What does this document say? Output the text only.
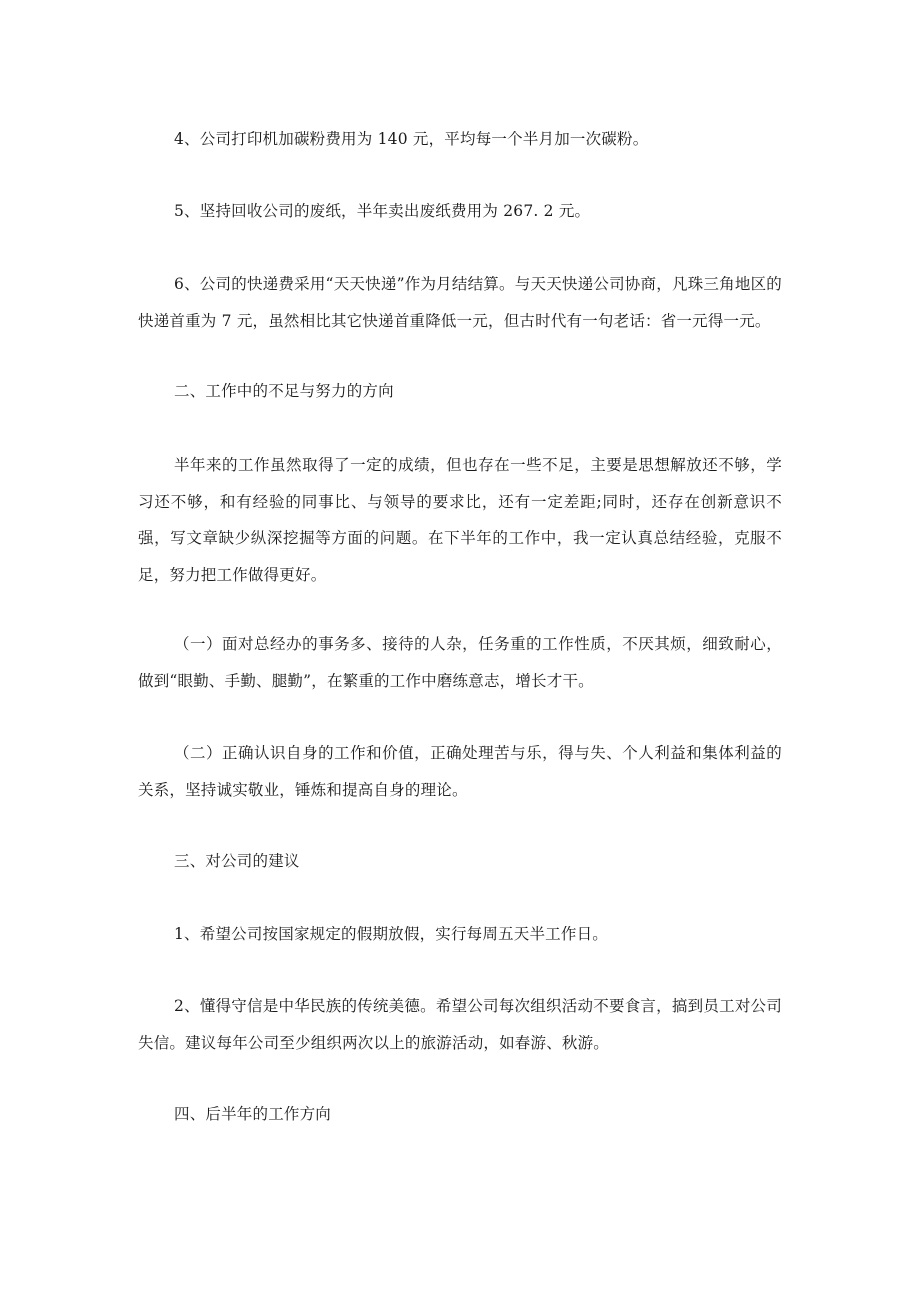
4、公司打印机加碳粉费用为 140 元，平均每一个半月加一次碳粉。

5、坚持回收公司的废纸，半年卖出废纸费用为 267. 2 元。

6、公司的快递费采用“天天快递”作为月结结算。与天天快递公司协商，凡珠三角地区的快递首重为 7 元，虽然相比其它快递首重降低一元，但古时代有一句老话：省一元得一元。

二、工作中的不足与努力的方向

半年来的工作虽然取得了一定的成绩，但也存在一些不足，主要是思想解放还不够，学习还不够，和有经验的同事比、与领导的要求比，还有一定差距;同时，还存在创新意识不强，写文章缺少纵深挖掘等方面的问题。在下半年的工作中，我一定认真总结经验，克服不足，努力把工作做得更好。

（一）面对总经办的事务多、接待的人杂，任务重的工作性质，不厌其烦，细致耐心，做到“眼勤、手勤、腿勤”，在繁重的工作中磨练意志，增长才干。

（二）正确认识自身的工作和价值，正确处理苦与乐，得与失、个人利益和集体利益的关系，坚持诚实敬业，锤炼和提高自身的理论。

三、对公司的建议

1、希望公司按国家规定的假期放假，实行每周五天半工作日。

2、懂得守信是中华民族的传统美德。希望公司每次组织活动不要食言，搞到员工对公司失信。建议每年公司至少组织两次以上的旅游活动，如春游、秋游。

四、后半年的工作方向
